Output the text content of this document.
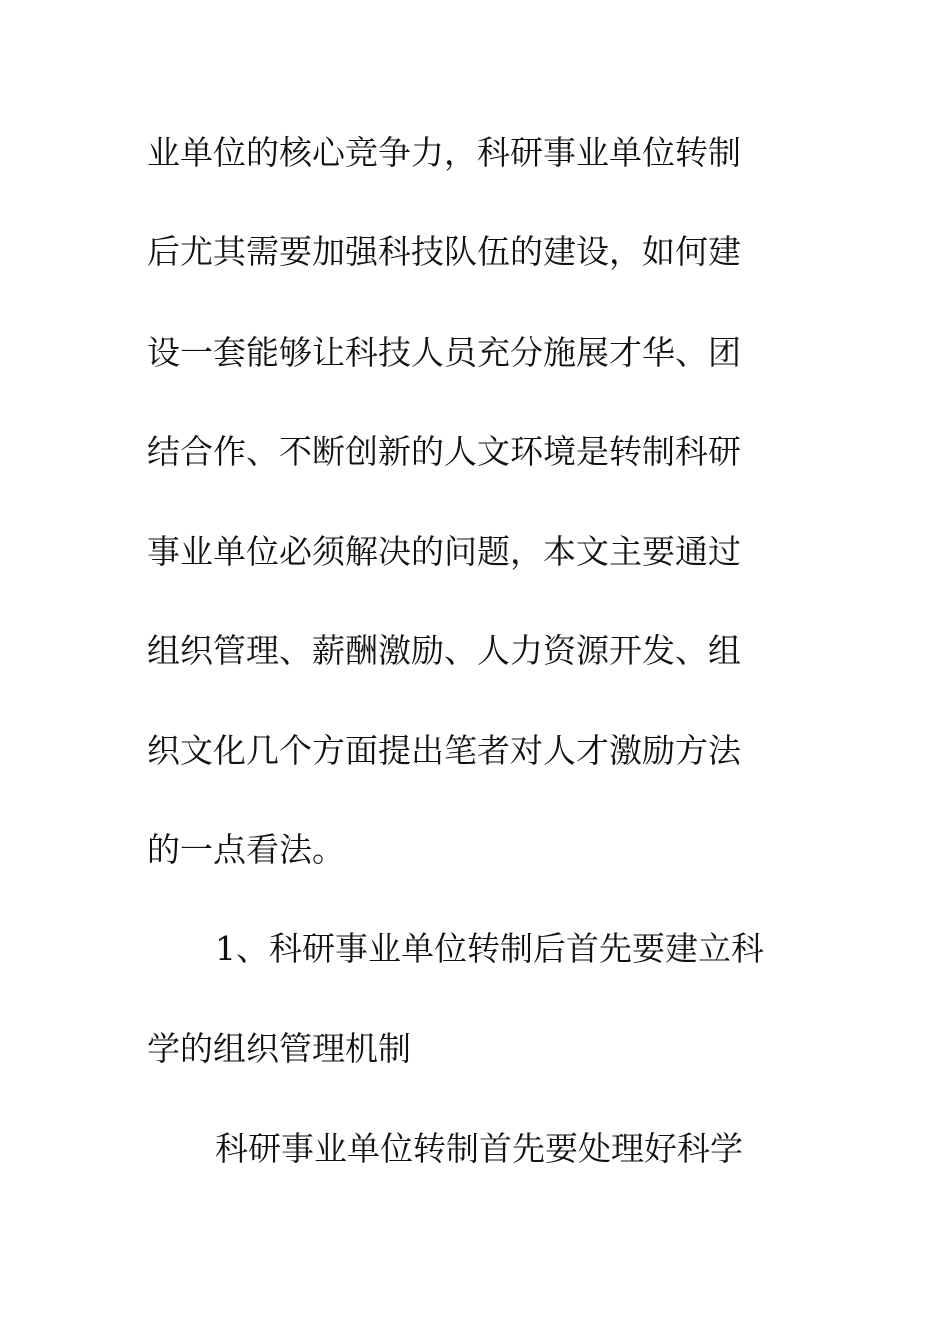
业单位的核心竞争力，科研事业单位转制
后尤其需要加强科技队伍的建设，如何建
设一套能够让科技人员充分施展才华、团
结合作、不断创新的人文环境是转制科研
事业单位必须解决的问题，本文主要通过
组织管理、薪酬激励、人力资源开发、组
织文化几个方面提出笔者对人才激励方法
的一点看法。
1、科研事业单位转制后首先要建立科
学的组织管理机制
科研事业单位转制首先要处理好科学
